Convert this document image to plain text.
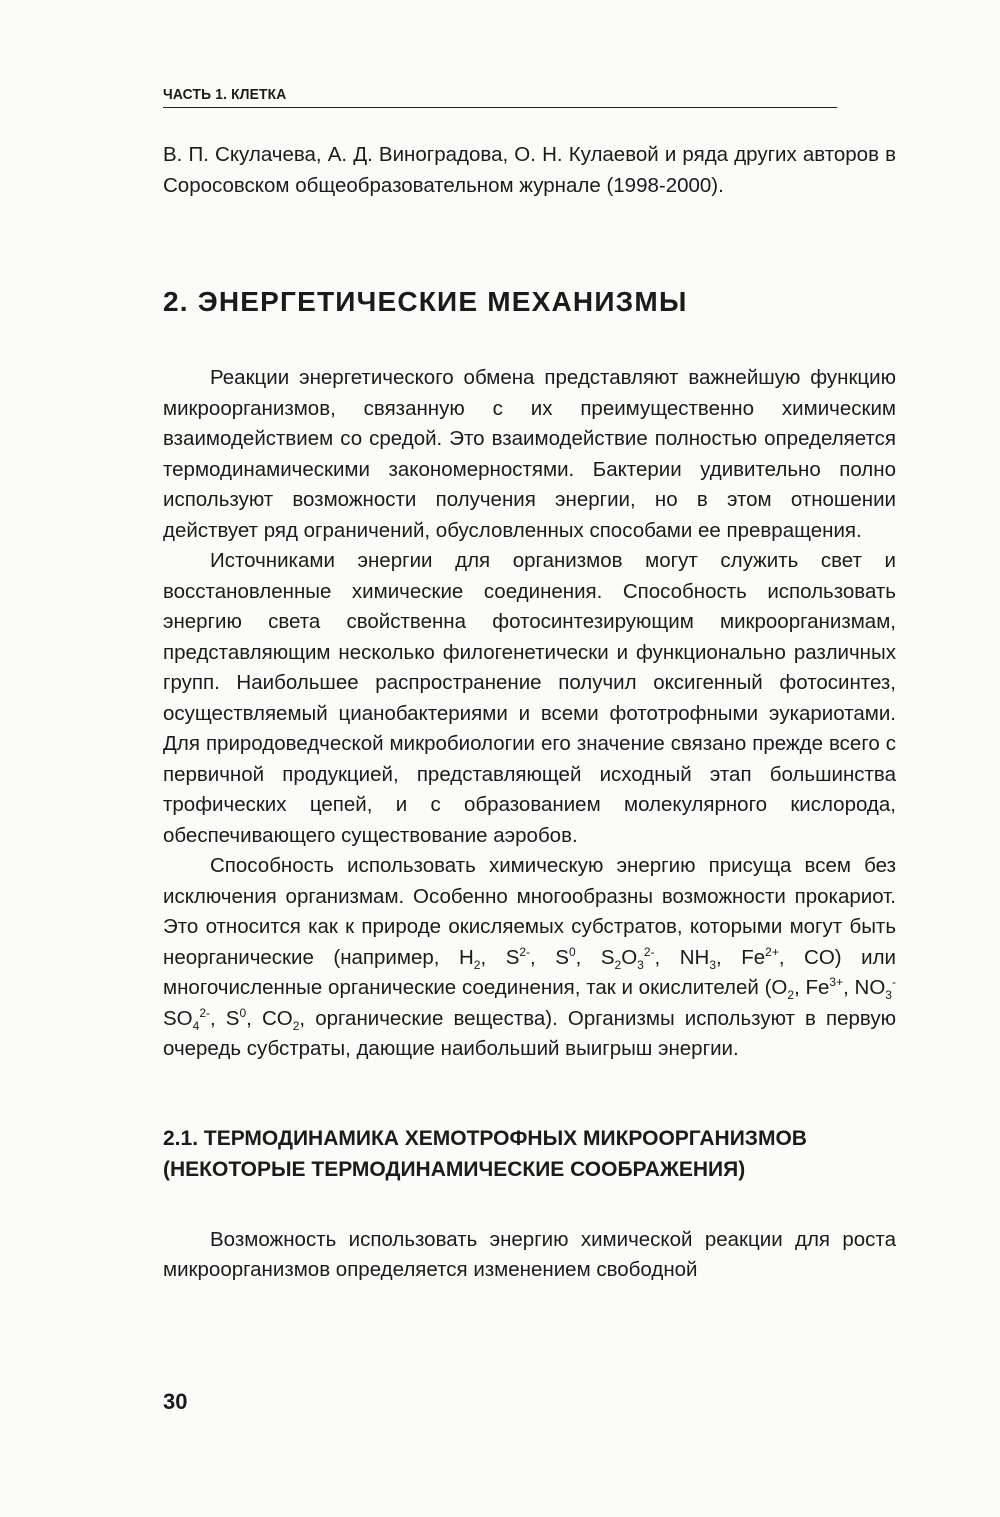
ЧАСТЬ 1. КЛЕТКА

В. П. Скулачева, А. Д. Виноградова, О. Н. Кулаевой и ряда других авторов в Соросовском общеобразовательном журнале (1998-2000).

2. ЭНЕРГЕТИЧЕСКИЕ МЕХАНИЗМЫ

Реакции энергетического обмена представляют важнейшую функцию микроорганизмов, связанную с их преимущественно химическим взаимодействием со средой. Это взаимодействие полностью определяется термодинамическими закономерностями. Бактерии удивительно полно используют возможности получения энергии, но в этом отношении действует ряд ограничений, обусловленных способами ее превращения.

Источниками энергии для организмов могут служить свет и восстановленные химические соединения. Способность использовать энергию света свойственна фотосинтезирующим микроорганизмам, представляющим несколько филогенетически и функционально различных групп. Наибольшее распространение получил оксигенный фотосинтез, осуществляемый цианобактериями и всеми фототрофными эукариотами. Для природоведческой микробиологии его значение связано прежде всего с первичной продукцией, представляющей исходный этап большинства трофических цепей, и с образованием молекулярного кислорода, обеспечивающего существование аэробов.

Способность использовать химическую энергию присуща всем без исключения организмам. Особенно многообразны возможности прокариот. Это относится как к природе окисляемых субстратов, которыми могут быть неорганические (например, $H_2$, $S^{2-}$, $S^0$, $S_2O_3^{2-}$, $NH_3$, $Fe^{2+}$, CO) или многочисленные органические соединения, так и окислителей ($O_2$, $Fe^{3+}$, $NO_3^-$ $SO_4^{2-}$, $S^0$, $CO_2$, органические вещества). Организмы используют в первую очередь субстраты, дающие наибольший выигрыш энергии.

2.1. ТЕРМОДИНАМИКА ХЕМОТРОФНЫХ МИКРООРГАНИЗМОВ
(НЕКОТОРЫЕ ТЕРМОДИНАМИЧЕСКИЕ СООБРАЖЕНИЯ)

Возможность использовать энергию химической реакции для роста микроорганизмов определяется изменением свободной

30
